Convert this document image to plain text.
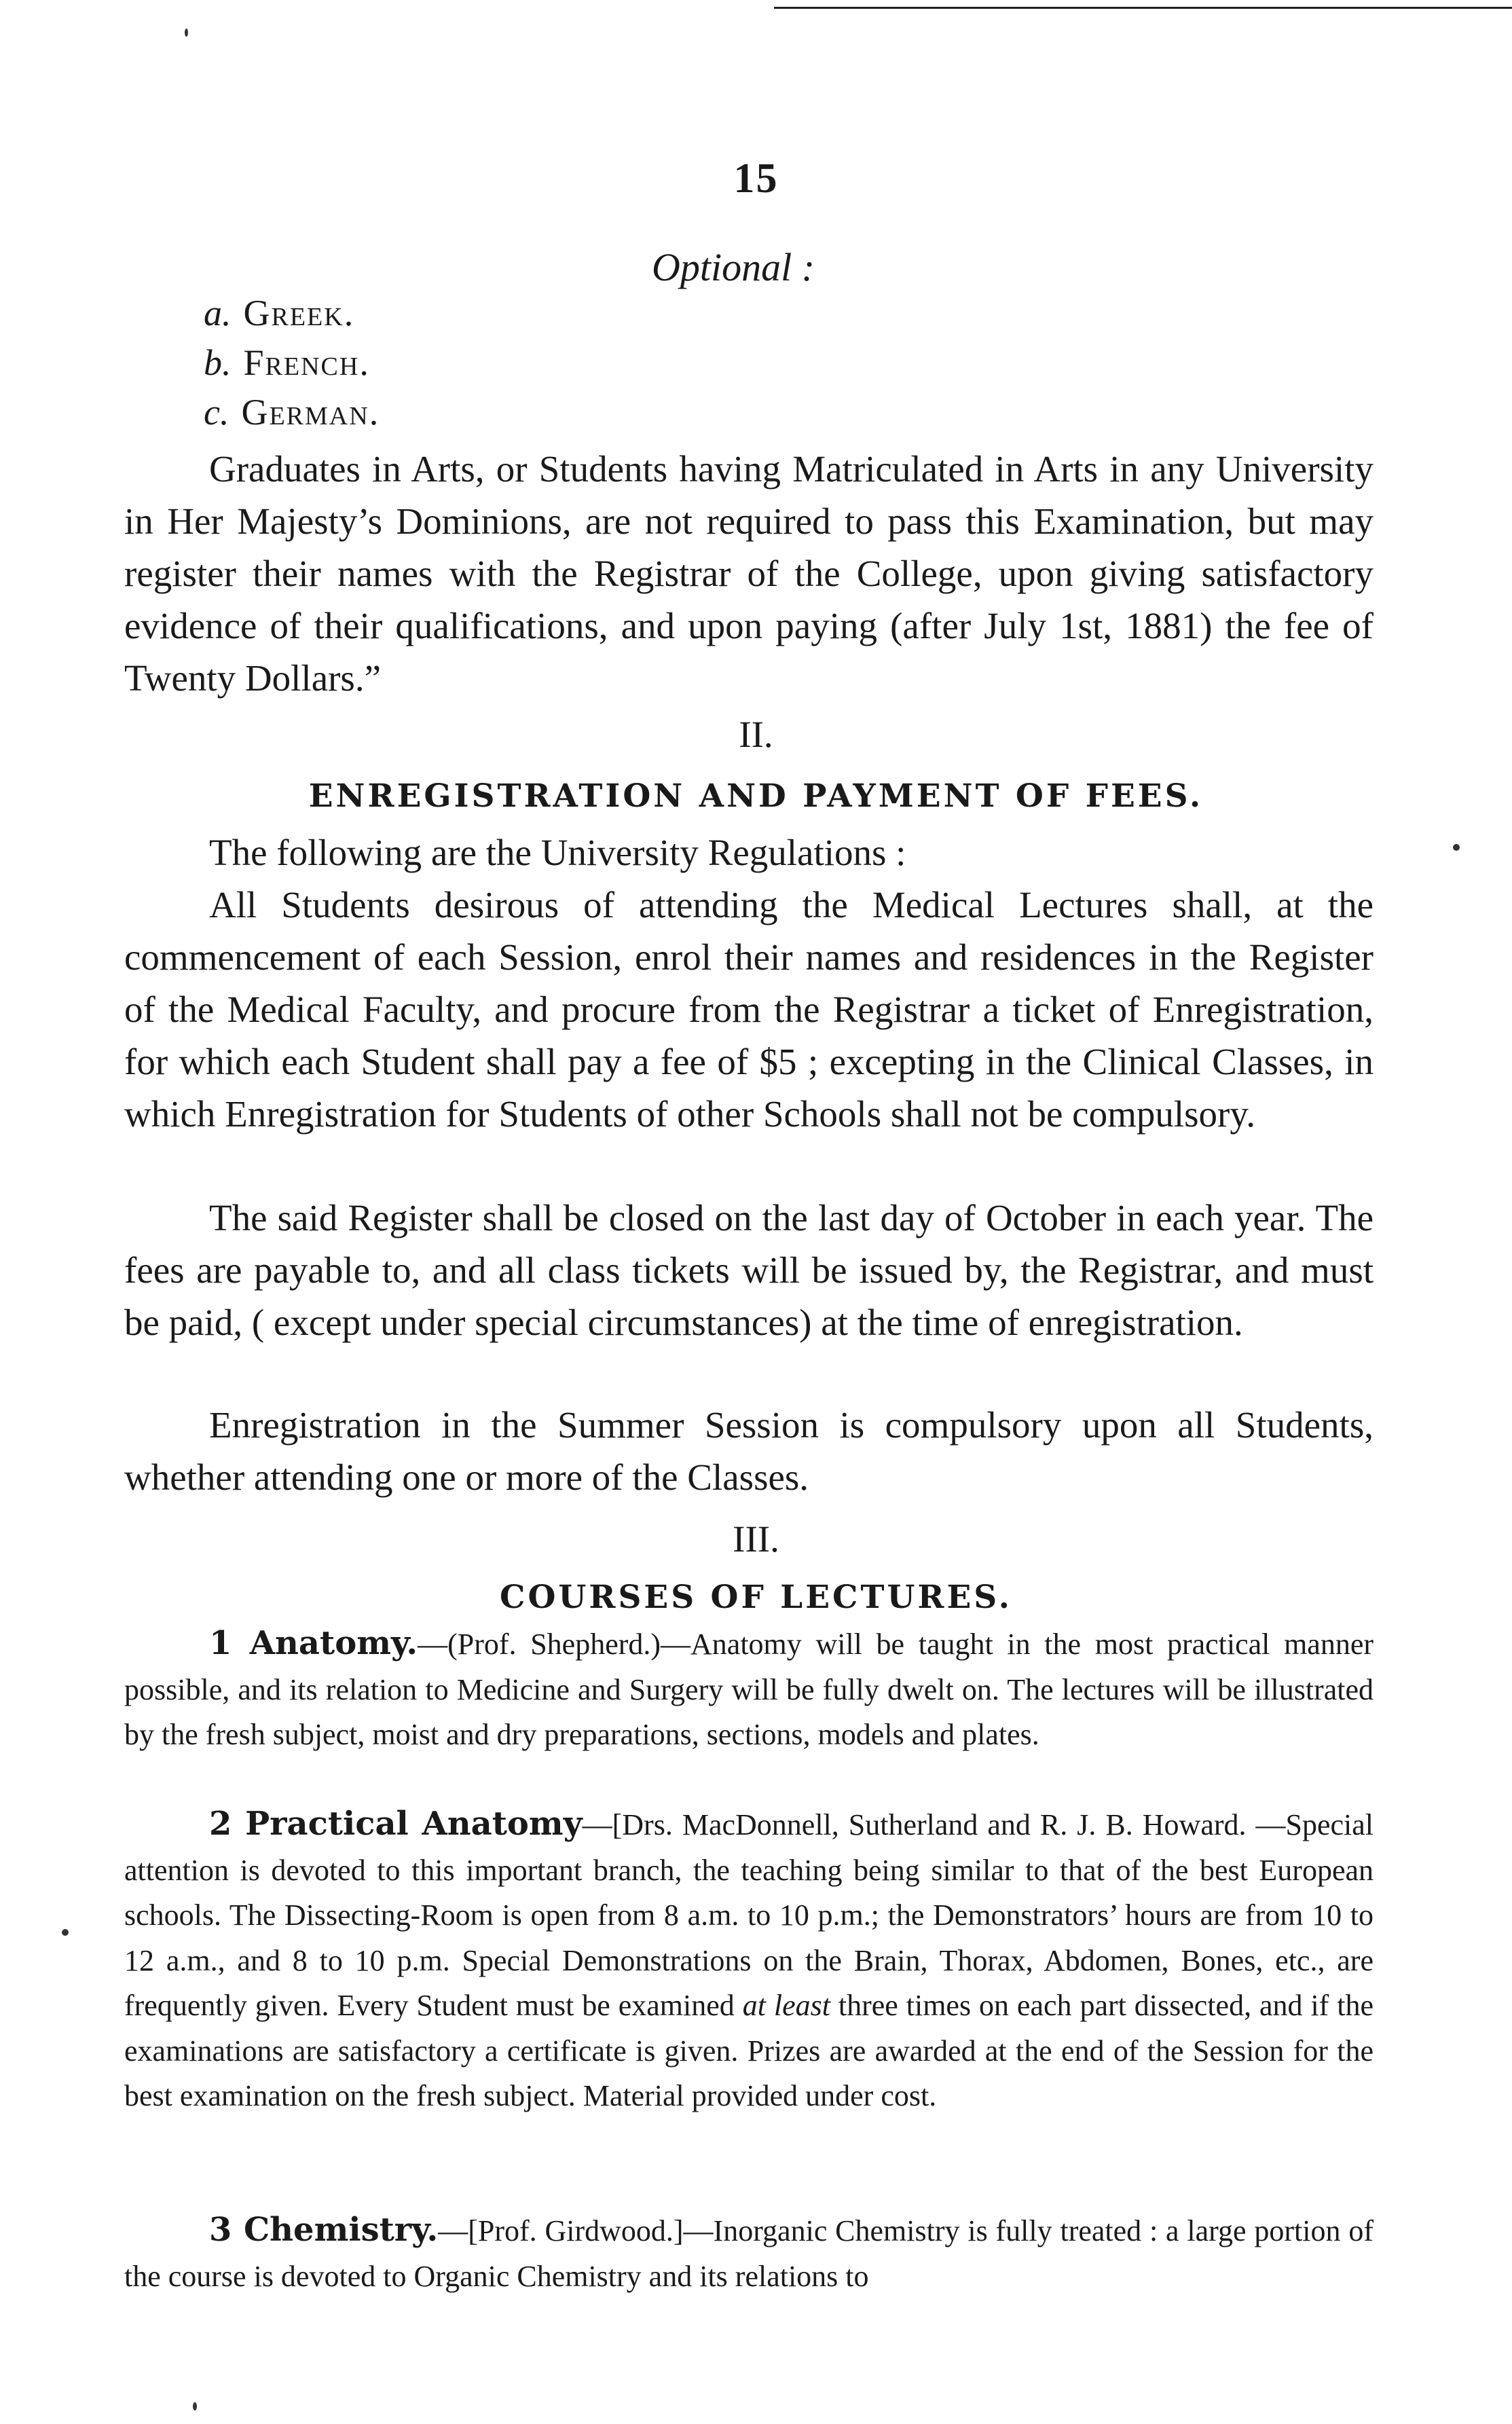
15
Optional :
a. Greek.
b. French.
c. German.
Graduates in Arts, or Students having Matriculated in Arts in any University in Her Majesty’s Dominions, are not required to pass this Examination, but may register their names with the Registrar of the College, upon giving satisfactory evidence of their qualifications, and upon paying (after July 1st, 1881) the fee of Twenty Dollars.”
II.
ENREGISTRATION AND PAYMENT OF FEES.
The following are the University Regulations :
All Students desirous of attending the Medical Lectures shall, at the commencement of each Session, enrol their names and residences in the Register of the Medical Faculty, and procure from the Registrar a ticket of Enregistration, for which each Student shall pay a fee of $5 ; excepting in the Clinical Classes, in which Enregistration for Students of other Schools shall not be compulsory.
The said Register shall be closed on the last day of October in each year. The fees are payable to, and all class tickets will be issued by, the Registrar, and must be paid, ( except under special circumstances) at the time of enregistration.
Enregistration in the Summer Session is compulsory upon all Students, whether attending one or more of the Classes.
III.
COURSES OF LECTURES.
1 Anatomy.—(Prof. Shepherd.)—Anatomy will be taught in the most practical manner possible, and its relation to Medicine and Surgery will be fully dwelt on. The lectures will be illustrated by the fresh subject, moist and dry preparations, sections, models and plates.
2 Practical Anatomy—[Drs. MacDonnell, Sutherland and R. J. B. Howard. —Special attention is devoted to this important branch, the teaching being similar to that of the best European schools. The Dissecting-Room is open from 8 a.m. to 10 p.m.; the Demonstrators’ hours are from 10 to 12 a.m., and 8 to 10 p.m. Special Demonstrations on the Brain, Thorax, Abdomen, Bones, etc., are frequently given. Every Student must be examined at least three times on each part dissected, and if the examinations are satisfactory a certificate is given. Prizes are awarded at the end of the Session for the best examination on the fresh subject. Material provided under cost.
3 Chemistry.—[Prof. Girdwood.]—Inorganic Chemistry is fully treated : a large portion of the course is devoted to Organic Chemistry and its relations to
